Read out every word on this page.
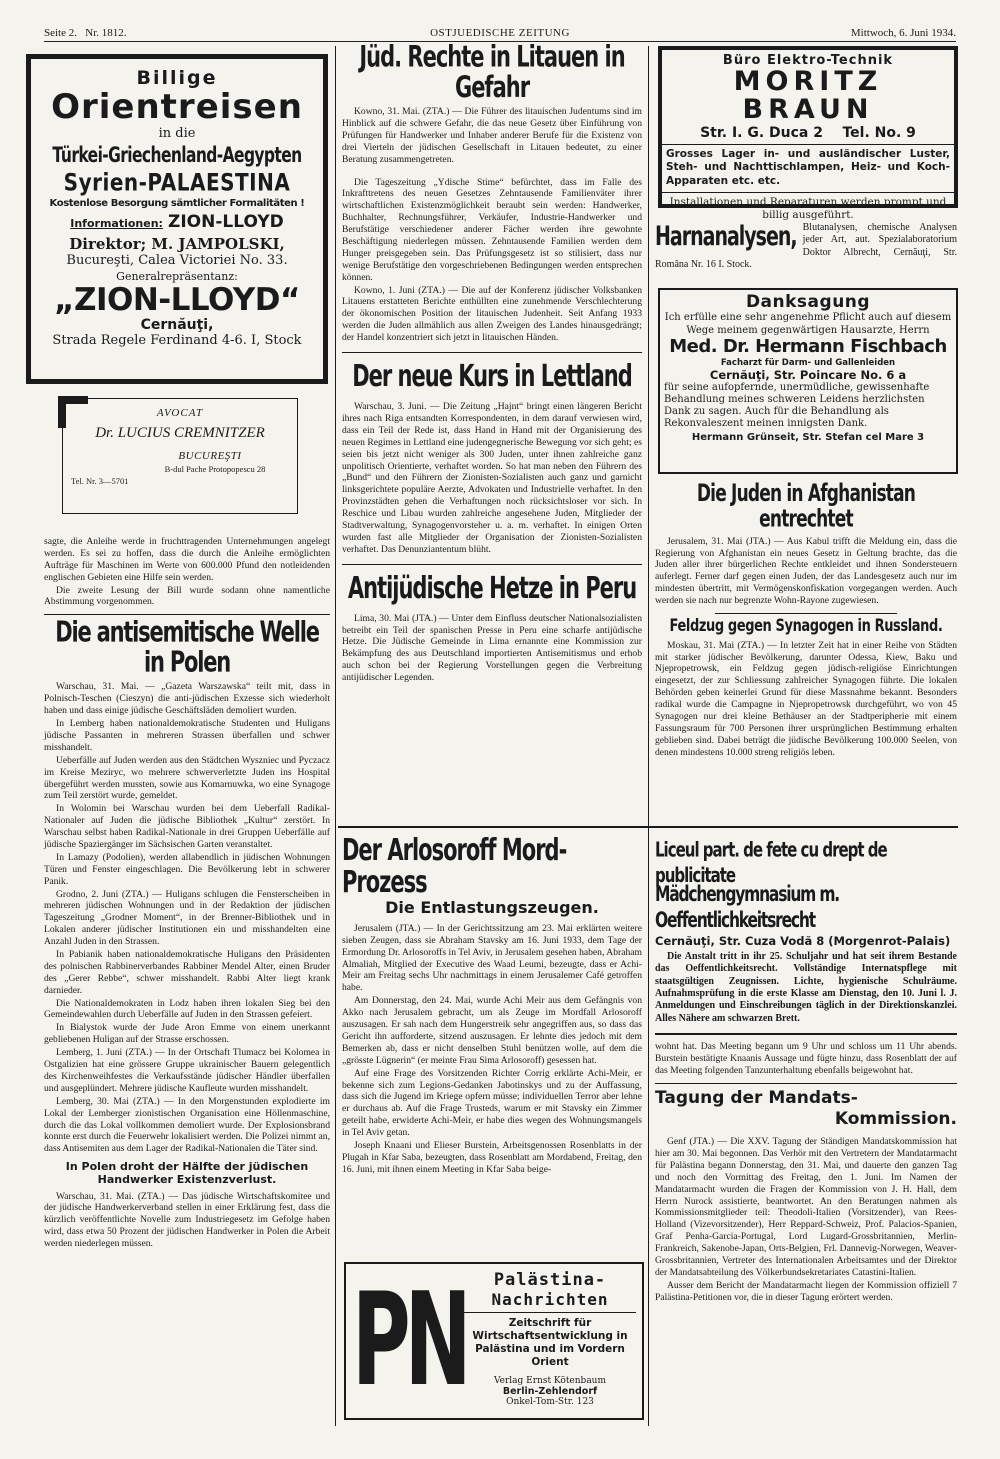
Seite 2. Nr. 1812.	OSTJUEDISCHE ZEITUNG	Mittwoch, 6. Juni 1934.
Billige
Orientreisen
in die
Türkei-Griechenland-Aegypten
Syrien-PALAESTINA
Kostenlose Besorgung sämtlicher Formalitäten !
Informationen: ZION-LLOYD
Direktor; M. JAMPOLSKI,
Bucureşti, Calea Victoriei No. 33.
Generalrepräsentanz:
„ZION-LLOYD“
Cernăuţi,
Strada Regele Ferdinand 4-6. I, Stock
AVOCAT
Dr. LUCIUS CREMNITZER
BUCUREŞTI
B-dul Pache Protopopescu 28
Tel. Nr. 3—5701

sagte, die Anleihe werde in fruchttragenden Unternehmungen angelegt werden. Es sei zu hoffen, dass die durch die Anleihe ermöglichten Aufträge für Maschinen im Werte von 600.000 Pfund den notleidenden englischen Gebieten eine Hilfe sein werden.

Die zweite Lesung der Bill wurde sodann ohne namentliche Abstimmung vorgenommen.

Die antisemitische Welle in Polen

Warschau, 31. Mai. — „Gazeta Warszawska“ teilt mit, dass in Polnisch-Teschen (Cieszyn) die anti-jüdischen Exzesse sich wiederholt haben und dass einige jüdische Geschäftsläden demoliert wurden.

In Lemberg haben nationaldemokratische Studenten und Huligans jüdische Passanten in mehreren Strassen überfallen und schwer misshandelt.

Ueberfälle auf Juden werden aus den Städtchen Wyszniec und Pyczacz im Kreise Meziryc, wo mehrere schwerverletzte Juden ins Hospital übergeführt werden mussten, sowie aus Komarnuwka, wo eine Synagoge zum Teil zerstört wurde, gemeldet.

In Wolomin bei Warschau wurden bei dem Ueberfall Radikal-Nationaler auf Juden die jüdische Bibliothek „Kultur“ zerstört. In Warschau selbst haben Radikal-Nationale in drei Gruppen Ueberfälle auf jüdische Spaziergänger im Sächsischen Garten veranstaltet.

In Lamazy (Podolien), werden allabendlich in jüdischen Wohnungen Türen und Fenster eingeschlagen. Die Bevölkerung lebt in schwerer Panik.

Grodno, 2. Juni (ZTA.) — Huligans schlugen die Fensterscheiben in mehreren jüdischen Wohnungen und in der Redaktion der jüdischen Tageszeitung „Grodner Moment“, in der Brenner-Bibliothek und in Lokalen anderer jüdischer Institutionen ein und misshandelten eine Anzahl Juden in den Strassen.

In Pabianik haben nationaldemokratische Huligans den Präsidenten des polnischen Rabbinerverbandes Rabbiner Mendel Alter, einen Bruder des „Gerer Rebbe“, schwer misshandelt. Rabbi Alter liegt krank darnieder.

Die Nationaldemokraten in Lodz haben ihren lokalen Sieg bei den Gemeindewahlen durch Ueberfälle auf Juden in den Strassen gefeiert.

In Bialystok wurde der Jude Aron Emme von einem unerkannt gebliebenen Huligan auf der Strasse erschossen.

Lemberg, 1. Juni (ZTA.) — In der Ortschaft Tlumacz bei Kolomea in Ostgalizien hat eine grössere Gruppe ukrainischer Bauern gelegentlich des Kirchenweihfestes die Verkaufsstände jüdischer Händler überfallen und ausgeplündert. Mehrere jüdische Kaufleute wurden misshandelt.

Lemberg, 30. Mai (ZTA.) — In den Morgenstunden explodierte im Lokal der Lemberger zionistischen Organisation eine Höllenmaschine, durch die das Lokal vollkommen demoliert wurde. Der Explosionsbrand konnte erst durch die Feuerwehr lokalisiert werden. Die Polizei nimmt an, dass Antisemiten aus dem Lager der Radikal-Nationalen die Täter sind.

In Polen droht der Hälfte der jüdischen Handwerker Existenzverlust.

Warschau, 31. Mai. (ZTA.) — Das jüdische Wirtschaftskomitee und der jüdische Handwerkerverband stellen in einer Erklärung fest, dass die kürzlich veröffentlichte Novelle zum Industriegesetz im Gefolge haben wird, dass etwa 50 Prozent der jüdischen Handwerker in Polen die Arbeit werden niederlegen müssen.

Jüd. Rechte in Litauen in Gefahr

Kowno, 31. Mai. (ZTA.) — Die Führer des litauischen Judentums sind im Hinblick auf die schwere Gefahr, die das neue Gesetz über Einführung von Prüfungen für Handwerker und Inhaber anderer Berufe für die Existenz von drei Vierteln der jüdischen Gesellschaft in Litauen bedeutet, zu einer Beratung zusammengetreten.

Die Tageszeitung „Ydische Stime“ befürchtet, dass im Falle des Inkrafttretens des neuen Gesetzes Zehntausende Familienväter ihrer wirtschaftlichen Existenzmöglichkeit beraubt sein werden: Handwerker, Buchhalter, Rechnungsführer, Verkäufer, Industrie-Handwerker und Berufstätige verschiedener anderer Fächer werden ihre gewohnte Beschäftigung niederlegen müssen. Zehntausende Familien werden dem Hunger preisgegeben sein. Das Prüfungsgesetz ist so stilisiert, dass nur wenige Berufstätige den vorgeschriebenen Bedingungen werden entsprechen können.

Kowno, 1. Juni (ZTA.) — Die auf der Konferenz jüdischer Volksbanken Litauens erstatteten Berichte enthüllten eine zunehmende Verschlechterung der ökonomischen Position der litauischen Judenheit. Seit Anfang 1933 werden die Juden allmählich aus allen Zweigen des Landes hinausgedrängt; der Handel konzentriert sich jetzt in litauischen Händen.

Der neue Kurs in Lettland

Warschau, 3. Juni. — Die Zeitung „Hajnt“ bringt einen längeren Bericht ihres nach Riga entsandten Korrespondenten, in dem darauf verwiesen wird, dass ein Teil der Rede ist, dass Hand in Hand mit der Organisierung des neuen Regimes in Lettland eine judengegnerische Bewegung vor sich geht; es seien bis jetzt nicht weniger als 300 Juden, unter ihnen zahlreiche ganz unpolitisch Orientierte, verhaftet worden. So hat man neben den Führern des „Bund“ und den Führern der Zionisten-Sozialisten auch ganz und garnicht linksgerichtete populäre Aerzte, Advokaten und Industrielle verhaftet. In den Provinzstädten gehen die Verhaftungen noch rücksichtsloser vor sich. In Reschice und Libau wurden zahlreiche angesehene Juden, Mitglieder der Stadtverwaltung, Synagogenvorsteher u. a. m. verhaftet. In einigen Orten wurden fast alle Mitglieder der Organisation der Zionisten-Sozialisten verhaftet. Das Denunziantentum blüht.

Antijüdische Hetze in Peru

Lima, 30. Mai (JTA.) — Unter dem Einfluss deutscher Nationalsozialisten betreibt ein Teil der spanischen Presse in Peru eine scharfe antijüdische Hetze. Die Jüdische Gemeinde in Lima ernannte eine Kommission zur Bekämpfung des aus Deutschland importierten Antisemitismus und erhob auch schon bei der Regierung Vorstellungen gegen die Verbreitung antijüdischer Legenden.

Der Arlosoroff Mord-Prozess
Die Entlastungszeugen.

Jerusalem (JTA.) — In der Gerichtssitzung am 23. Mai erklärten weitere sieben Zeugen, dass sie Abraham Stavsky am 16. Juni 1933, dem Tage der Ermordung Dr. Arlosoroffs in Tel Aviv, in Jerusalem gesehen haben, Abraham Almaliah, Mitglied der Executive des Waad Leumi, bezeugte, dass er Achi-Meir am Freitag sechs Uhr nachmittags in einem Jerusalemer Café getroffen habe.

Am Donnerstag, den 24. Mai, wurde Achi Meir aus dem Gefängnis von Akko nach Jerusalem gebracht, um als Zeuge im Mordfall Arlosoroff auszusagen. Er sah nach dem Hungerstreik sehr angegriffen aus, so dass das Gericht ihn aufforderte, sitzend auszusagen. Er lehnte dies jedoch mit dem Bemerken ab, dass er nicht denselben Stuhl benützen wolle, auf dem die „grösste Lügnerin“ (er meinte Frau Sima Arlosoroff) gesessen hat.

Auf eine Frage des Vorsitzenden Richter Corrig erklärte Achi-Meir, er bekenne sich zum Legions-Gedanken Jabotinskys und zu der Auffassung, dass sich die Jugend im Kriege opfern müsse; individuellen Terror aber lehne er durchaus ab. Auf die Frage Trusteds, warum er mit Stavsky ein Zimmer geteilt habe, erwiderte Achi-Meir, er habe dies wegen des Wohnungsmangels in Tel Aviv getan.

Joseph Knaani und Elieser Burstein, Arbeitsgenossen Rosenblatts in der Plugah in Kfar Saba, bezeugten, dass Rosenblatt am Mordabend, Freitag, den 16. Juni, mit ihnen einem Meeting in Kfar Saba beige-

PN	Palästina-
Nachrichten
Zeitschrift für Wirtschaftsentwicklung in Palästina und im Vordern Orient
Verlag Ernst Kötenbaum
Berlin-Zehlendorf
Onkel-Tom-Str. 123
Büro Elektro-Technik
MORITZ BRAUN
Str. I. G. Duca 2    Tel. No. 9
Grosses Lager in- und ausländischer Luster, Steh- und Nachttischlampen, Heiz- und Koch-Apparaten etc. etc.
Installationen und Reparaturen werden prompt und billig ausgeführt.
Harnanalysen, Blutanalysen, chemische Analysen jeder Art, aut. Spezialaboratorium Doktor Albrecht, Cernăuţi, Str. Româna Nr. 16 I. Stock.
Danksagung
Ich erfülle eine sehr angenehme Pflicht auch auf diesem Wege meinem gegenwärtigen Hausarzte, Herrn
Med. Dr. Hermann Fischbach
Facharzt für Darm- und Gallenleiden
Cernăuţi, Str. Poincare No. 6 a
für seine aufopfernde, unermüdliche, gewissenhafte Behandlung meines schweren Leidens herzlichsten Dank zu sagen. Auch für die Behandlung als Rekonvaleszent meinen innigsten Dank.
Hermann Grünseit, Str. Stefan cel Mare 3
Die Juden in Afghanistan entrechtet

Jerusalem, 31. Mai (JTA.) — Aus Kabul trifft die Meldung ein, dass die Regierung von Afghanistan ein neues Gesetz in Geltung brachte, das die Juden aller ihrer bürgerlichen Rechte entkleidet und ihnen Sondersteuern auferlegt. Ferner darf gegen einen Juden, der das Landesgesetz auch nur im mindesten übertritt, mit Vermögenskonfiskation vorgegangen werden. Auch werden sie nach nur begrenzte Wohn-Rayone zugewiesen.

Feldzug gegen Synagogen in Russland.

Moskau, 31. Mai (ZTA.) — In letzter Zeit hat in einer Reihe von Städten mit starker jüdischer Bevölkerung, darunter Odessa, Kiew, Baku und Njepropetrowsk, ein Feldzug gegen jüdisch-religiöse Einrichtungen eingesetzt, der zur Schliessung zahlreicher Synagogen führte. Die lokalen Behörden geben keinerlei Grund für diese Massnahme bekannt. Besonders radikal wurde die Campagne in Njepropetrowsk durchgeführt, wo von 45 Synagogen nur drei kleine Bethäuser an der Stadtperipherie mit einem Fassungsraum für 700 Personen ihrer ursprünglichen Bestimmung erhalten geblieben sind. Dabei beträgt die jüdische Bevölkerung 100.000 Seelen, von denen mindestens 10.000 streng religiös leben.

Liceul part. de fete cu drept de publicitate
Mädchengymnasium m. Oeffentlichkeitsrecht
Cernăuţi, Str. Cuza Vodă 8 (Morgenrot-Palais)

Die Anstalt tritt in ihr 25. Schuljahr und hat seit ihrem Bestande das Oeffentlichkeitsrecht. Vollständige Internatspflege mit staatsgültigen Zeugnissen. Lichte, hygienische Schulräume. Aufnahmsprüfung in die erste Klasse am Dienstag, den 10. Juni l. J. Anmeldungen und Einschreibungen täglich in der Direktionskanzlei. Alles Nähere am schwarzen Brett.

wohnt hat. Das Meeting begann um 9 Uhr und schloss um 11 Uhr abends. Burstein bestätigte Knaanis Aussage und fügte hinzu, dass Rosenblatt der auf das Meeting folgenden Tanzunterhaltung ebenfalls beigewohnt hat.

Tagung der Mandats-
Kommission.

Genf (JTA.) — Die XXV. Tagung der Ständigen Mandatskommission hat hier am 30. Mai begonnen. Das Verhör mit den Vertretern der Mandatarmacht für Palästina begann Donnerstag, den 31. Mai, und dauerte den ganzen Tag und noch den Vormittag des Freitag, den 1. Juni. Im Namen der Mandatarmacht wurden die Fragen der Kommission von J. H. Hall, dem Herrn Nurock assistierte, beantwortet. An den Beratungen nahmen als Kommissionsmitglieder teil: Theodoli-Italien (Vorsitzender), van Rees-Holland (Vizevorsitzender), Herr Reppard-Schweiz, Prof. Palacios-Spanien, Graf Penha-Garcia-Portugal, Lord Lugard-Grossbritannien, Merlin-Frankreich, Sakenobe-Japan, Orts-Belgien, Frl. Dannevig-Norwegen, Weaver-Grossbritannien, Vertreter des Internationalen Arbeitsamtes und der Direktor der Mandatsabteilung des Völkerbundsekretariates Catastini-Italien.

Ausser dem Bericht der Mandatarmacht liegen der Kommission offiziell 7 Palästina-Petitionen vor, die in dieser Tagung erörtert werden.
